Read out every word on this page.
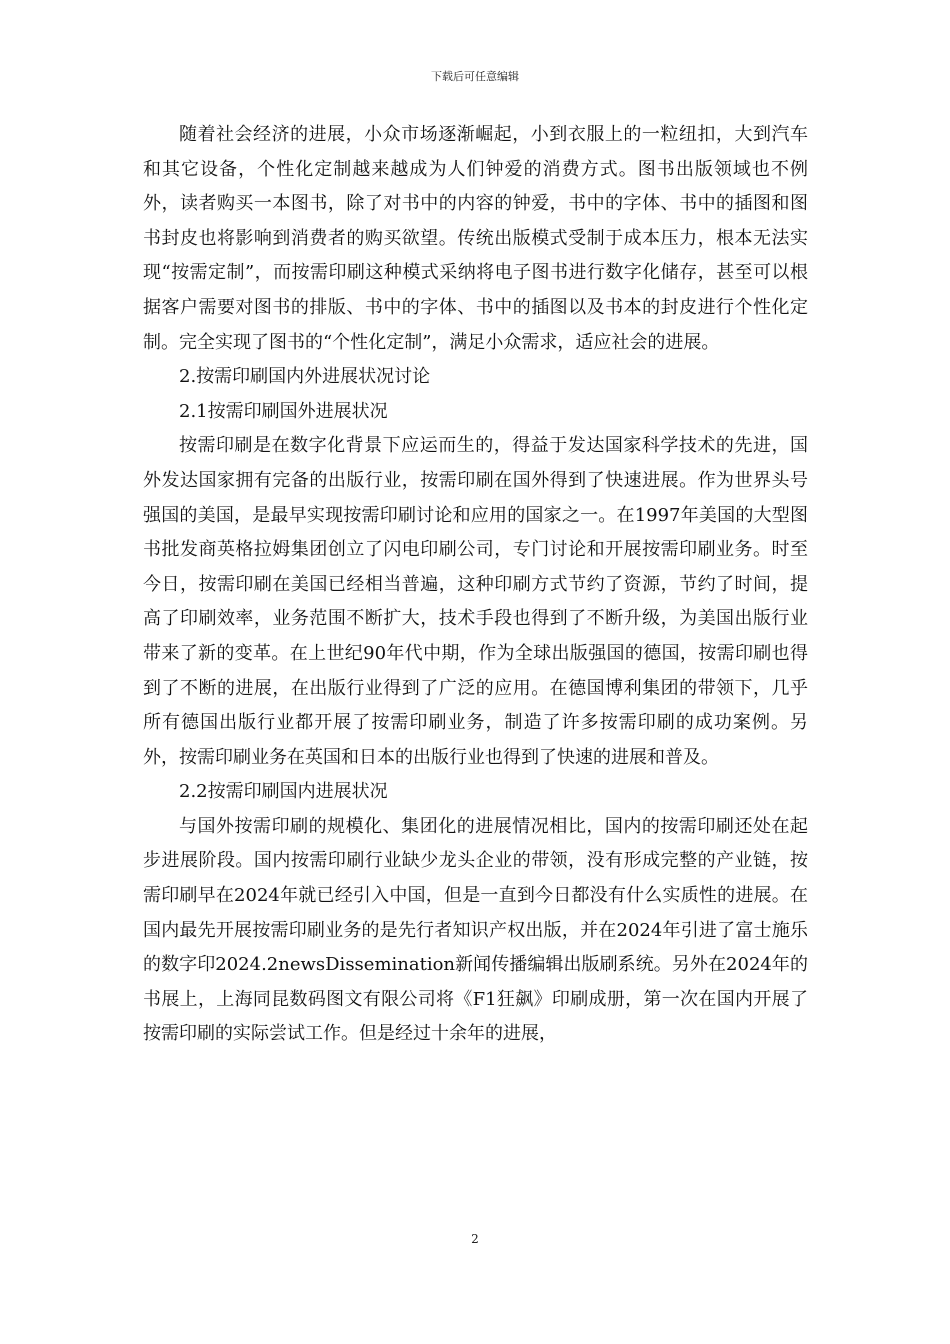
下载后可任意编辑

随着社会经济的进展，小众市场逐渐崛起，小到衣服上的一粒纽扣，大到汽车和其它设备，个性化定制越来越成为人们钟爱的消费方式。图书出版领域也不例外，读者购买一本图书，除了对书中的内容的钟爱，书中的字体、书中的插图和图书封皮也将影响到消费者的购买欲望。传统出版模式受制于成本压力，根本无法实现“按需定制”，而按需印刷这种模式采纳将电子图书进行数字化储存，甚至可以根据客户需要对图书的排版、书中的字体、书中的插图以及书本的封皮进行个性化定制。完全实现了图书的“个性化定制”，满足小众需求，适应社会的进展。

2.按需印刷国内外进展状况讨论

2.1按需印刷国外进展状况

按需印刷是在数字化背景下应运而生的，得益于发达国家科学技术的先进，国外发达国家拥有完备的出版行业，按需印刷在国外得到了快速进展。作为世界头号强国的美国，是最早实现按需印刷讨论和应用的国家之一。在1997年美国的大型图书批发商英格拉姆集团创立了闪电印刷公司，专门讨论和开展按需印刷业务。时至今日，按需印刷在美国已经相当普遍，这种印刷方式节约了资源，节约了时间，提高了印刷效率，业务范围不断扩大，技术手段也得到了不断升级，为美国出版行业带来了新的变革。在上世纪90年代中期，作为全球出版强国的德国，按需印刷也得到了不断的进展，在出版行业得到了广泛的应用。在德国博利集团的带领下，几乎所有德国出版行业都开展了按需印刷业务，制造了许多按需印刷的成功案例。另外，按需印刷业务在英国和日本的出版行业也得到了快速的进展和普及。

2.2按需印刷国内进展状况

与国外按需印刷的规模化、集团化的进展情况相比，国内的按需印刷还处在起步进展阶段。国内按需印刷行业缺少龙头企业的带领，没有形成完整的产业链，按需印刷早在2024年就已经引入中国，但是一直到今日都没有什么实质性的进展。在国内最先开展按需印刷业务的是先行者知识产权出版，并在2024年引进了富士施乐的数字印2024.2newsDissemination新闻传播编辑出版刷系统。另外在2024年的书展上，上海同昆数码图文有限公司将《F1狂飙》印刷成册，第一次在国内开展了按需印刷的实际尝试工作。但是经过十余年的进展，

2
